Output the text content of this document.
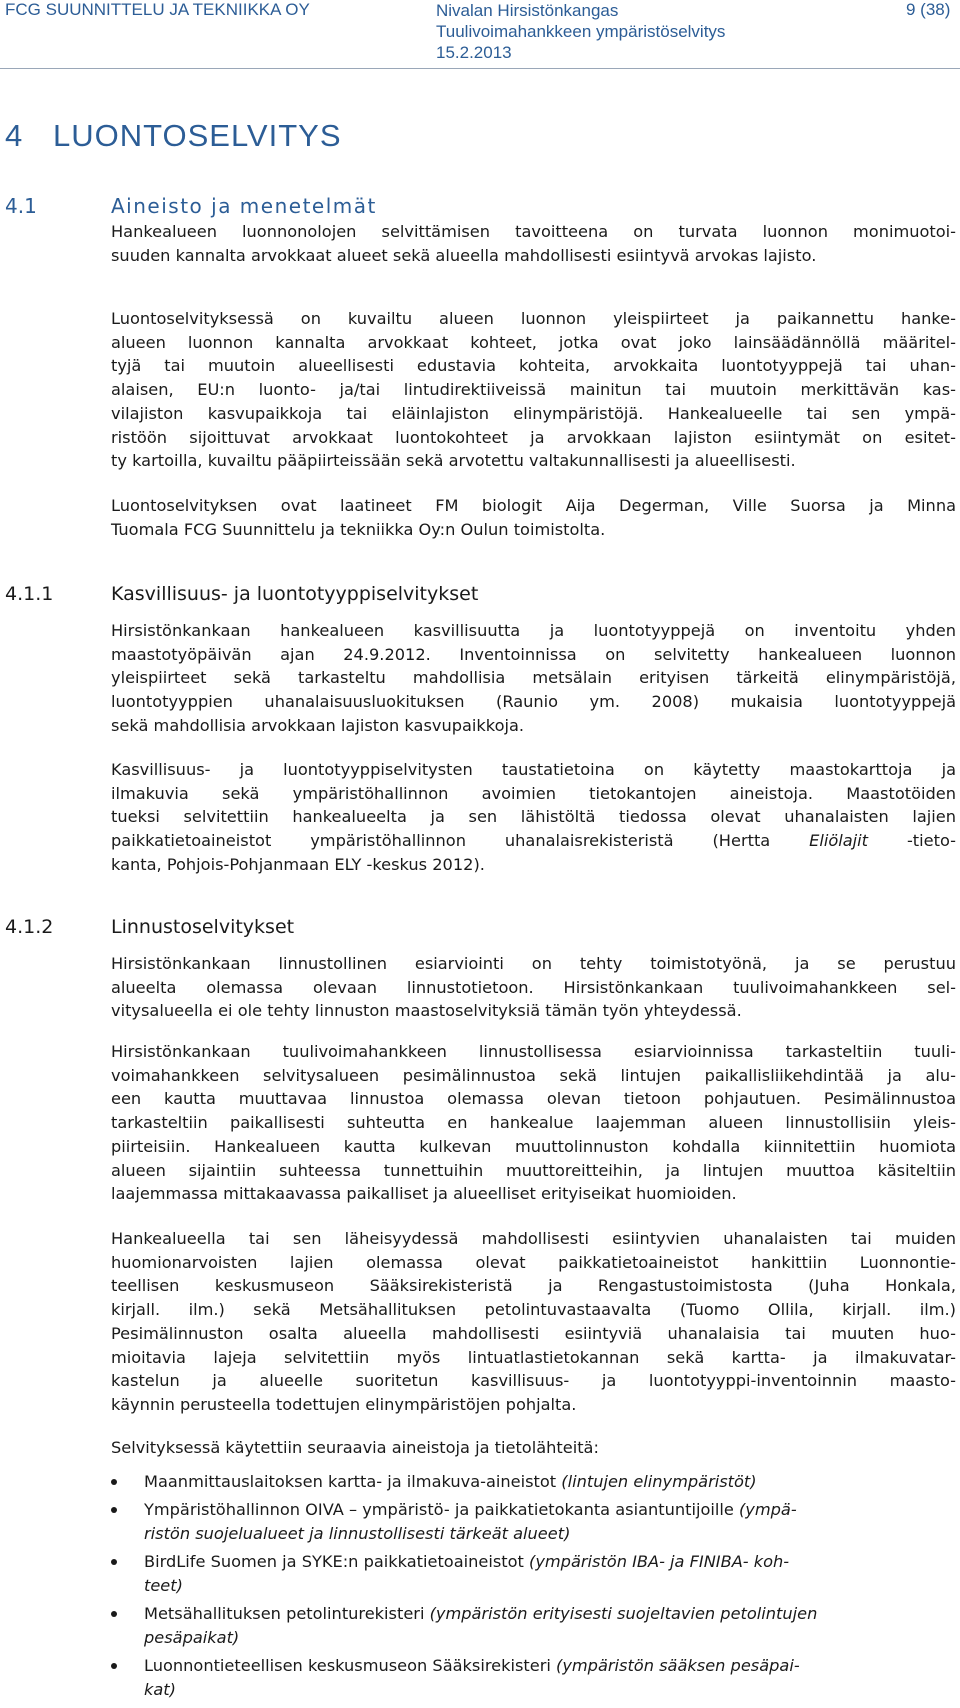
FCG SUUNNITTELU JA TEKNIIKKA OY	Nivalan Hirsistönkangas
Tuulivoimahankkeen ympäristöselvitys
15.2.2013
9 (38)
4 LUONTOSELVITYS
4.1	Aineisto ja menetelmät
Hankealueen luonnonolojen selvittämisen tavoitteena on turvata luonnon monimuotoi-
suuden kannalta arvokkaat alueet sekä alueella mahdollisesti esiintyvä arvokas lajisto.
Luontoselvityksessä on kuvailtu alueen luonnon yleispiirteet ja paikannettu hanke-
alueen luonnon kannalta arvokkaat kohteet, jotka ovat joko lainsäädännöllä määritel-
tyjä tai muutoin alueellisesti edustavia kohteita, arvokkaita luontotyyppejä tai uhan-
alaisen, EU:n luonto- ja/tai lintudirektiiveissä mainitun tai muutoin merkittävän kas-
vilajiston kasvupaikkoja tai eläinlajiston elinympäristöjä. Hankealueelle tai sen ympä-
ristöön sijoittuvat arvokkaat luontokohteet ja arvokkaan lajiston esiintymät on esitet-
ty kartoilla, kuvailtu pääpiirteissään sekä arvotettu valtakunnallisesti ja alueellisesti.
Luontoselvityksen ovat laatineet FM biologit Aija Degerman, Ville Suorsa ja Minna
Tuomala FCG Suunnittelu ja tekniikka Oy:n Oulun toimistolta.
4.1.1	Kasvillisuus- ja luontotyyppiselvitykset
Hirsistönkankaan hankealueen kasvillisuutta ja luontotyyppejä on inventoitu yhden
maastotyöpäivän ajan 24.9.2012. Inventoinnissa on selvitetty hankealueen luonnon
yleispiirteet sekä tarkasteltu mahdollisia metsälain erityisen tärkeitä elinympäristöjä,
luontotyyppien uhanalaisuusluokituksen (Raunio ym. 2008) mukaisia luontotyyppejä
sekä mahdollisia arvokkaan lajiston kasvupaikkoja.
Kasvillisuus- ja luontotyyppiselvitysten taustatietoina on käytetty maastokarttoja ja
ilmakuvia sekä ympäristöhallinnon avoimien tietokantojen aineistoja. Maastotöiden
tueksi selvitettiin hankealueelta ja sen lähistöltä tiedossa olevat uhanalaisten lajien
paikkatietoaineistot ympäristöhallinnon uhanalaisrekisteristä (Hertta Eliölajit -tieto-
kanta, Pohjois-Pohjanmaan ELY -keskus 2012).
4.1.2	Linnustoselvitykset
Hirsistönkankaan linnustollinen esiarviointi on tehty toimistotyönä, ja se perustuu
alueelta olemassa olevaan linnustotietoon. Hirsistönkankaan tuulivoimahankkeen sel-
vitysalueella ei ole tehty linnuston maastoselvityksiä tämän työn yhteydessä.
Hirsistönkankaan tuulivoimahankkeen linnustollisessa esiarvioinnissa tarkasteltiin tuuli-
voimahankkeen selvitysalueen pesimälinnustoa sekä lintujen paikallisliikehdintää ja alu-
een kautta muuttavaa linnustoa olemassa olevan tietoon pohjautuen. Pesimälinnustoa
tarkasteltiin paikallisesti suhteutta en hankealue laajemman alueen linnustollisiin yleis-
piirteisiin. Hankealueen kautta kulkevan muuttolinnuston kohdalla kiinnitettiin huomiota
alueen sijaintiin suhteessa tunnettuihin muuttoreitteihin, ja lintujen muuttoa käsiteltiin
laajemmassa mittakaavassa paikalliset ja alueelliset erityiseikat huomioiden.
Hankealueella tai sen läheisyydessä mahdollisesti esiintyvien uhanalaisten tai muiden
huomionarvoisten lajien olemassa olevat paikkatietoaineistot hankittiin Luonnontie-
teellisen keskusmuseon Sääksirekisteristä ja Rengastustoimistosta (Juha Honkala,
kirjall. ilm.) sekä Metsähallituksen petolintuvastaavalta (Tuomo Ollila, kirjall. ilm.)
Pesimälinnuston osalta alueella mahdollisesti esiintyviä uhanalaisia tai muuten huo-
mioitavia lajeja selvitettiin myös lintuatlastietokannan sekä kartta- ja ilmakuvatar-
kastelun ja alueelle suoritetun kasvillisuus- ja luontotyyppi-inventoinnin maasto-
käynnin perusteella todettujen elinympäristöjen pohjalta.
Selvityksessä käytettiin seuraavia aineistoja ja tietolähteitä:
Maanmittauslaitoksen kartta- ja ilmakuva-aineistot (lintujen elinympäristöt)
Ympäristöhallinnon OIVA – ympäristö- ja paikkatietokanta asiantuntijoille (ympä-
ristön suojelualueet ja linnustollisesti tärkeät alueet)
BirdLife Suomen ja SYKE:n paikkatietoaineistot (ympäristön IBA- ja FINIBA- koh-
teet)
Metsähallituksen petolinturekisteri (ympäristön erityisesti suojeltavien petolintujen
pesäpaikat)
Luonnontieteellisen keskusmuseon Sääksirekisteri (ympäristön sääksen pesäpai-
kat)
